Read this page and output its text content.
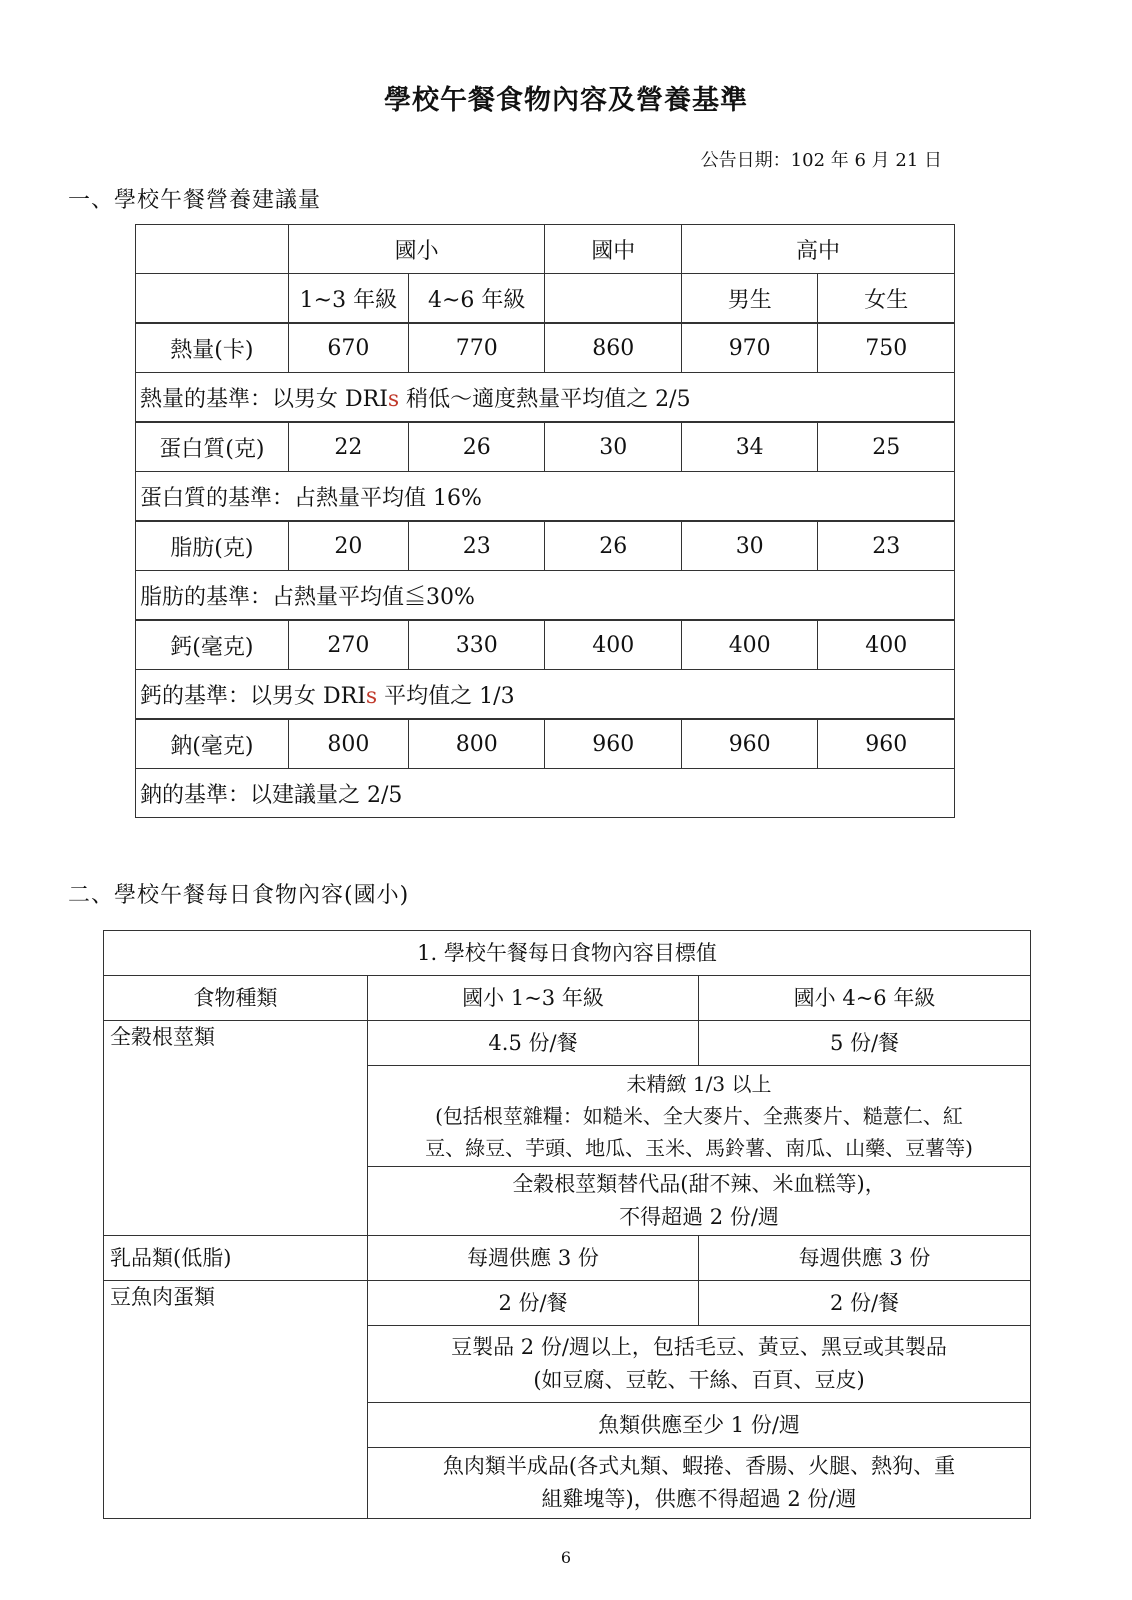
學校午餐食物內容及營養基準
公告日期：102 年 6 月 21 日
一、學校午餐營養建議量
	國小		國中	高中	
	1~3 年級	4~6 年級		男生	女生
熱量(卡)	670	770	860	970	750
熱量的基準：以男女 DRIs 稍低～適度熱量平均值之 2/5					
蛋白質(克)	22	26	30	34	25
蛋白質的基準：占熱量平均值 16%					
脂肪(克)	20	23	26	30	23
脂肪的基準：占熱量平均值≦30%					
鈣(毫克)	270	330	400	400	400
鈣的基準：以男女 DRIs 平均值之 1/3					
鈉(毫克)	800	800	960	960	960
鈉的基準：以建議量之 2/5					
二、學校午餐每日食物內容(國小)
1. 學校午餐每日食物內容目標值		
食物種類	國小 1~3 年級	國小 4~6 年級
全穀根莖類	4.5 份/餐	5 份/餐

	未精緻 1/3 以上
(包括根莖雜糧：如糙米、全大麥片、全燕麥片、糙薏仁、紅
豆、綠豆、芋頭、地瓜、玉米、馬鈴薯、南瓜、山藥、豆薯等)	

	全穀根莖類替代品(甜不辣、米血糕等)，
不得超過 2 份/週	

乳品類(低脂)	每週供應 3 份	每週供應 3 份
豆魚肉蛋類	2 份/餐	2 份/餐

	豆製品 2 份/週以上，包括毛豆、黃豆、黑豆或其製品
(如豆腐、豆乾、干絲、百頁、豆皮)	

	魚類供應至少 1 份/週	

	魚肉類半成品(各式丸類、蝦捲、香腸、火腿、熱狗、重
組雞塊等)，供應不得超過 2 份/週	
6
